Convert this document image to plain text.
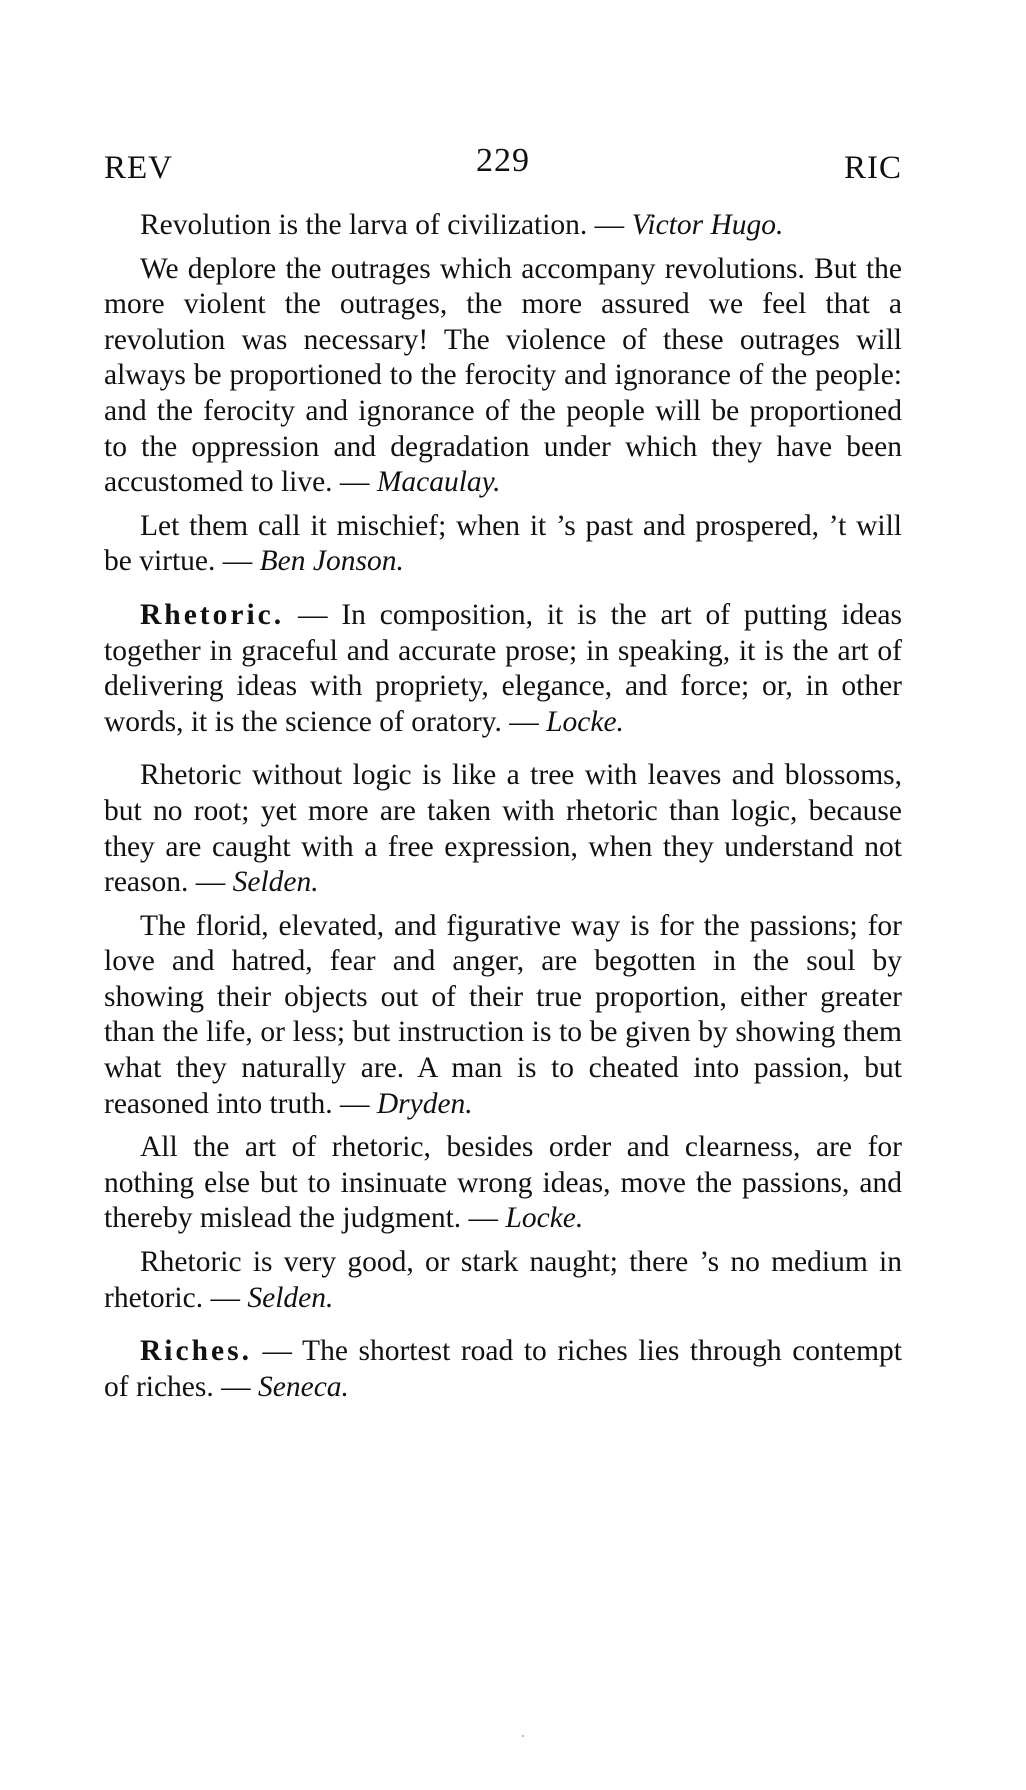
REV	229	RIC

Revolution is the larva of civilization. — Victor Hugo.

We deplore the outrages which accompany revolutions. But the more violent the outrages, the more assured we feel that a revolution was necessary! The violence of these outrages will always be proportioned to the ferocity and ignorance of the people: and the ferocity and ignorance of the people will be proportioned to the oppression and degradation under which they have been accustomed to live. — Macaulay.

Let them call it mischief; when it ’s past and prospered, ’t will be virtue. — Ben Jonson.

Rhetoric. — In composition, it is the art of putting ideas together in graceful and accurate prose; in speaking, it is the art of delivering ideas with propriety, elegance, and force; or, in other words, it is the science of oratory. — Locke.

Rhetoric without logic is like a tree with leaves and blossoms, but no root; yet more are taken with rhetoric than logic, because they are caught with a free expression, when they understand not reason. — Selden.

The florid, elevated, and figurative way is for the passions; for love and hatred, fear and anger, are begotten in the soul by showing their objects out of their true proportion, either greater than the life, or less; but instruction is to be given by showing them what they naturally are. A man is to cheated into passion, but reasoned into truth. — Dryden.

All the art of rhetoric, besides order and clearness, are for nothing else but to insinuate wrong ideas, move the passions, and thereby mislead the judgment. — Locke.

Rhetoric is very good, or stark naught; there ’s no medium in rhetoric. — Selden.

Riches. — The shortest road to riches lies through contempt of riches. — Seneca.
